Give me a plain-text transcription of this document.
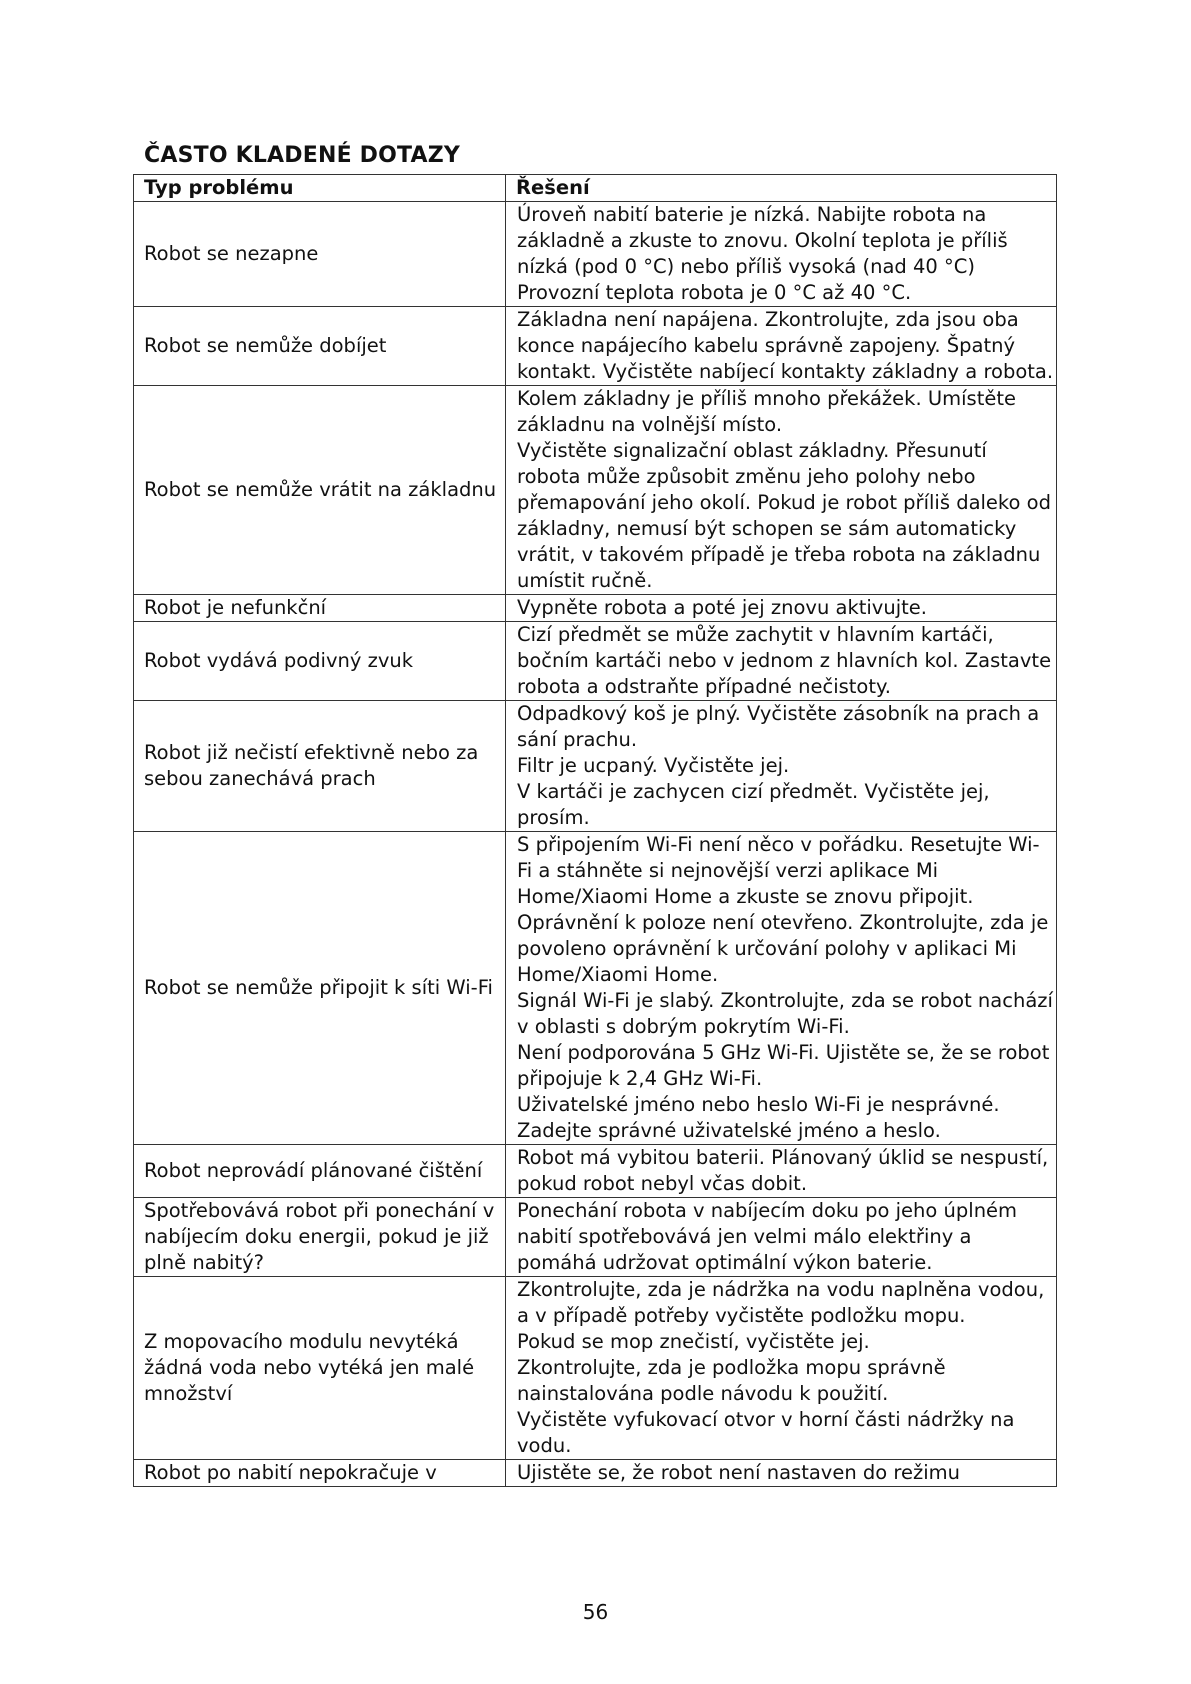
ČASTO KLADENÉ DOTAZY
Typ problému	Řešení
Robot se nezapne	Úroveň nabití baterie je nízká. Nabijte robota na základně a zkuste to znovu. Okolní teplota je příliš nízká (pod 0 °C) nebo příliš vysoká (nad 40 °C) Provozní teplota robota je 0 °C až 40 °C.
Robot se nemůže dobíjet	Základna není napájena. Zkontrolujte, zda jsou oba konce napájecího kabelu správně zapojeny. Špatný kontakt. Vyčistěte nabíjecí kontakty základny a robota.
Robot se nemůže vrátit na základnu	Kolem základny je příliš mnoho překážek. Umístěte základnu na volnější místo.
Vyčistěte signalizační oblast základny. Přesunutí robota může způsobit změnu jeho polohy nebo přemapování jeho okolí. Pokud je robot příliš daleko od základny, nemusí být schopen se sám automaticky vrátit, v takovém případě je třeba robota na základnu umístit ručně.
Robot je nefunkční	Vypněte robota a poté jej znovu aktivujte.
Robot vydává podivný zvuk	Cizí předmět se může zachytit v hlavním kartáči, bočním kartáči nebo v jednom z hlavních kol. Zastavte robota a odstraňte případné nečistoty.
Robot již nečistí efektivně nebo za sebou zanechává prach	Odpadkový koš je plný. Vyčistěte zásobník na prach a sání prachu.
Filtr je ucpaný. Vyčistěte jej.
V kartáči je zachycen cizí předmět. Vyčistěte jej, prosím.
Robot se nemůže připojit k síti Wi-Fi	S připojením Wi-Fi není něco v pořádku. Resetujte Wi-Fi a stáhněte si nejnovější verzi aplikace Mi Home/Xiaomi Home a zkuste se znovu připojit.
Oprávnění k poloze není otevřeno. Zkontrolujte, zda je povoleno oprávnění k určování polohy v aplikaci Mi Home/Xiaomi Home.
Signál Wi-Fi je slabý. Zkontrolujte, zda se robot nachází v oblasti s dobrým pokrytím Wi-Fi.
Není podporována 5 GHz Wi-Fi. Ujistěte se, že se robot připojuje k 2,4 GHz Wi-Fi.
Uživatelské jméno nebo heslo Wi-Fi je nesprávné. Zadejte správné uživatelské jméno a heslo.
Robot neprovádí plánované čištění	Robot má vybitou baterii. Plánovaný úklid se nespustí, pokud robot nebyl včas dobit.
Spotřebovává robot při ponechání v nabíjecím doku energii, pokud je již plně nabitý?	Ponechání robota v nabíjecím doku po jeho úplném nabití spotřebovává jen velmi málo elektřiny a pomáhá udržovat optimální výkon baterie.
Z mopovacího modulu nevytéká žádná voda nebo vytéká jen malé množství	Zkontrolujte, zda je nádržka na vodu naplněna vodou, a v případě potřeby vyčistěte podložku mopu.
Pokud se mop znečistí, vyčistěte jej.
Zkontrolujte, zda je podložka mopu správně nainstalována podle návodu k použití.
Vyčistěte vyfukovací otvor v horní části nádržky na vodu.
Robot po nabití nepokračuje v	Ujistěte se, že robot není nastaven do režimu
56
